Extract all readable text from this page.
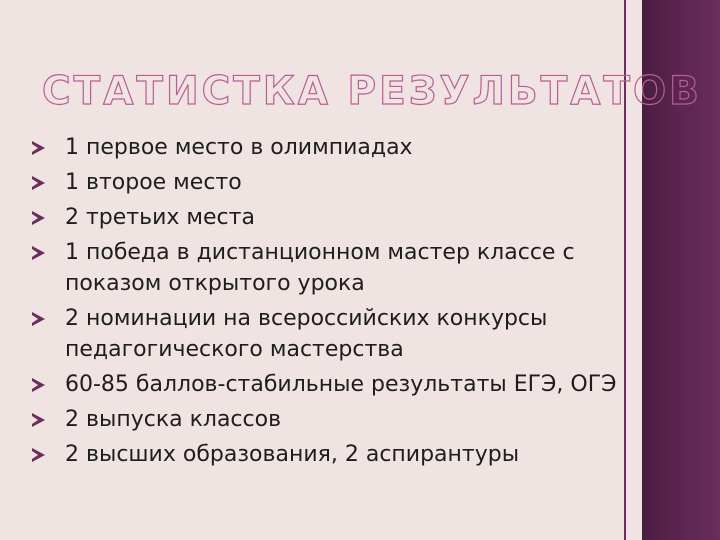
СТАТИСТКА РЕЗУЛЬТАТОВ
1 первое место в олимпиадах
1 второе место
2 третьих места
1 победа в дистанционном мастер классе с показом открытого урока
2 номинации на всероссийских конкурсы педагогического мастерства
60-85 баллов-стабильные результаты ЕГЭ, ОГЭ
2 выпуска классов
2 высших образования, 2 аспирантуры
